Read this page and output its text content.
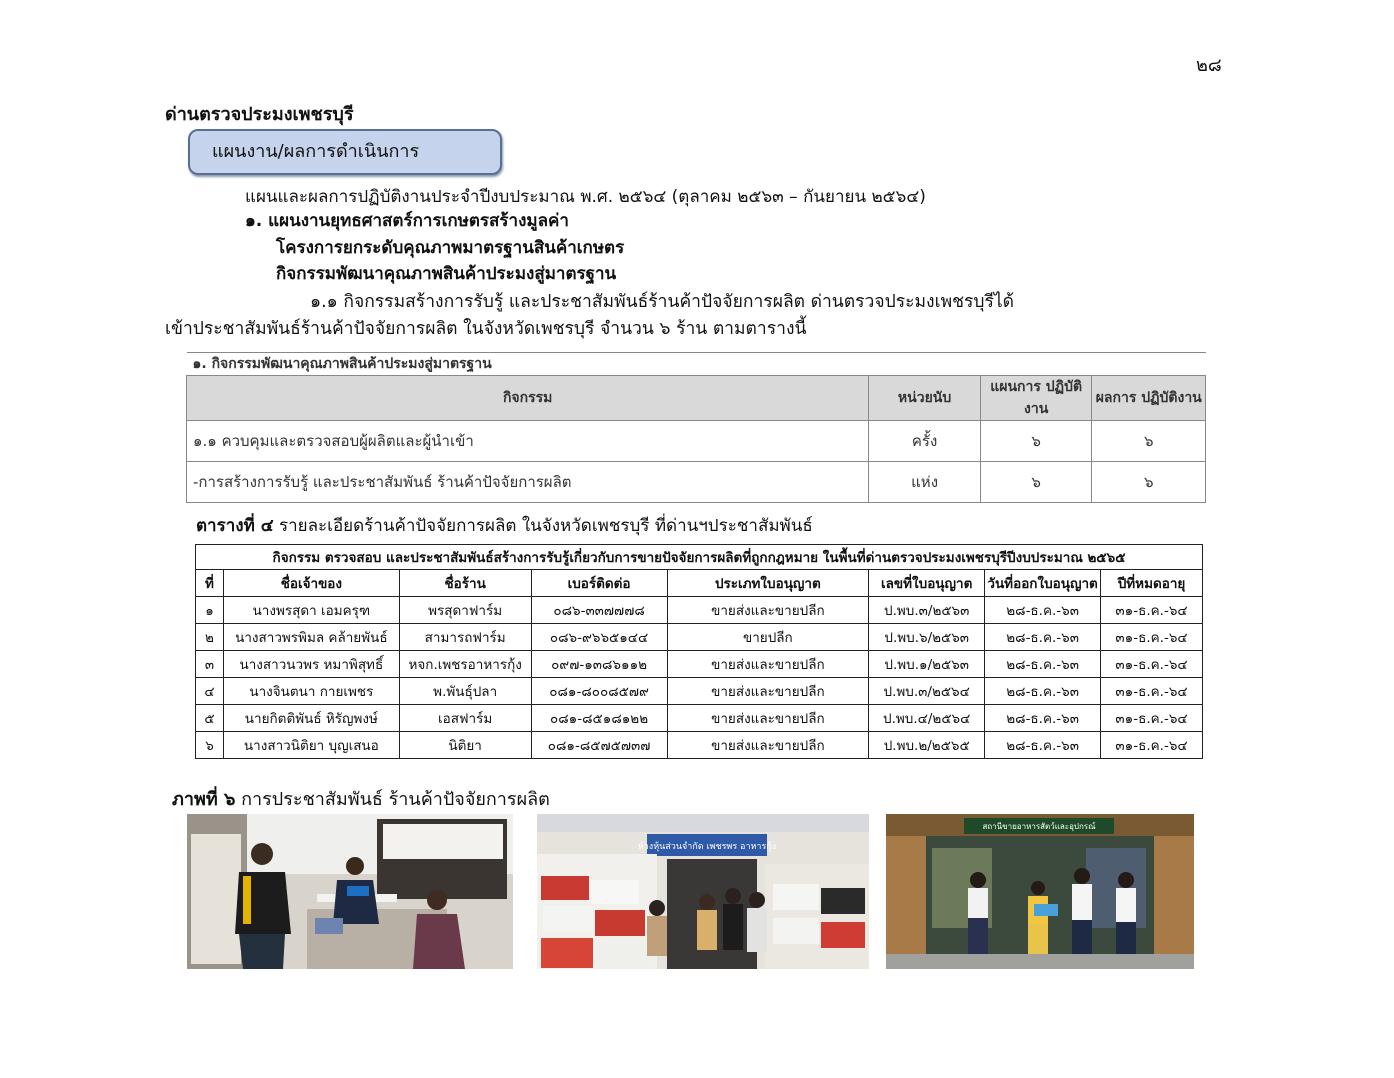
๒๘
ด่านตรวจประมงเพชรบุรี
แผนงาน/ผลการดำเนินการ
แผนและผลการปฏิบัติงานประจำปีงบประมาณ พ.ศ. ๒๕๖๔ (ตุลาคม ๒๕๖๓ – กันยายน ๒๕๖๔)
๑. แผนงานยุทธศาสตร์การเกษตรสร้างมูลค่า
โครงการยกระดับคุณภาพมาตรฐานสินค้าเกษตร
กิจกรรมพัฒนาคุณภาพสินค้าประมงสู่มาตรฐาน
๑.๑ กิจกรรมสร้างการรับรู้ และประชาสัมพันธ์ร้านค้าปัจจัยการผลิต ด่านตรวจประมงเพชรบุรีได้
เข้าประชาสัมพันธ์ร้านค้าปัจจัยการผลิต ในจังหวัดเพชรบุรี จำนวน ๖ ร้าน ตามตารางนี้
๑. กิจกรรมพัฒนาคุณภาพสินค้าประมงสู่มาตรฐาน			
กิจกรรม	หน่วยนับ	แผนการ ปฏิบัติงาน	ผลการ ปฏิบัติงาน
๑.๑ ควบคุมและตรวจสอบผู้ผลิตและผู้นำเข้า	ครั้ง	๖	๖
-การสร้างการรับรู้ และประชาสัมพันธ์ ร้านค้าปัจจัยการผลิต	แห่ง	๖	๖
ตารางที่ ๔ รายละเอียดร้านค้าปัจจัยการผลิต ในจังหวัดเพชรบุรี ที่ด่านฯประชาสัมพันธ์
กิจกรรม ตรวจสอบ และประชาสัมพันธ์สร้างการรับรู้เกี่ยวกับการขายปัจจัยการผลิตที่ถูกกฎหมาย ในพื้นที่ด่านตรวจประมงเพชรบุรีปีงบประมาณ ๒๕๖๕							
ที่	ชื่อเจ้าของ	ชื่อร้าน	เบอร์ติดต่อ	ประเภทใบอนุญาต	เลขที่ใบอนุญาต	วันที่ออกใบอนุญาต	ปีที่หมดอายุ
๑	นางพรสุดา เอมครุฑ	พรสุดาฟาร์ม	๐๘๖-๓๓๗๗๗๘	ขายส่งและขายปลีก	ป.พบ.๓/๒๕๖๓	๒๘-ธ.ค.-๖๓	๓๑-ธ.ค.-๖๔
๒	นางสาวพรพิมล คล้ายพันธ์	สามารถฟาร์ม	๐๘๖-๙๖๖๕๑๔๔	ขายปลีก	ป.พบ.๖/๒๕๖๓	๒๘-ธ.ค.-๖๓	๓๑-ธ.ค.-๖๔
๓	นางสาวนวพร หมาพิสุทธิ์	หจก.เพชรอาหารกุ้ง	๐๙๗-๑๓๘๖๑๑๒	ขายส่งและขายปลีก	ป.พบ.๑/๒๕๖๓	๒๘-ธ.ค.-๖๓	๓๑-ธ.ค.-๖๔
๔	นางจินตนา กายเพชร	พ.พันธุ์ปลา	๐๘๑-๘๐๐๘๕๗๙	ขายส่งและขายปลีก	ป.พบ.๓/๒๕๖๔	๒๘-ธ.ค.-๖๓	๓๑-ธ.ค.-๖๔
๕	นายกิตติพันธ์ หิรัญพงษ์	เอสฟาร์ม	๐๘๑-๘๕๑๘๑๒๒	ขายส่งและขายปลีก	ป.พบ.๔/๒๕๖๔	๒๘-ธ.ค.-๖๓	๓๑-ธ.ค.-๖๔
๖	นางสาวนิติยา บุญเสนอ	นิติยา	๐๘๑-๘๕๗๕๗๓๗	ขายส่งและขายปลีก	ป.พบ.๒/๒๕๖๕	๒๘-ธ.ค.-๖๓	๓๑-ธ.ค.-๖๔
ภาพที่ ๖ การประชาสัมพันธ์ ร้านค้าปัจจัยการผลิต
ห้างหุ้นส่วนจำกัด เพชรพร อาหารกุ้ง
สถานีขายอาหารสัตว์และอุปกรณ์
